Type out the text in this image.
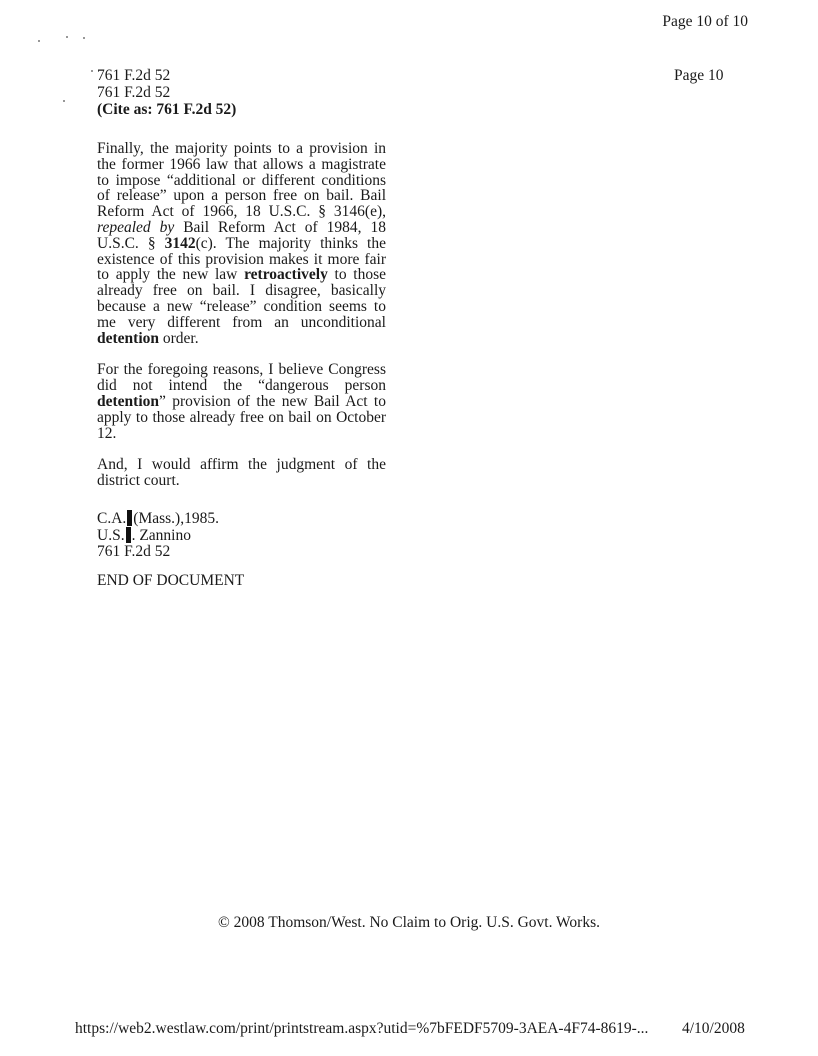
Page 10 of 10
Page 10
761 F.2d 52
761 F.2d 52
(Cite as: 761 F.2d 52)

Finally, the majority points to a provision in the former 1966 law that allows a magistrate to impose “additional or different conditions of release” upon a person free on bail. Bail Reform Act of 1966, 18 U.S.C. § 3146(e), repealed by Bail Reform Act of 1984, 18 U.S.C. § 3142(c). The majority thinks the existence of this provision makes it more fair to apply the new law retroactively to those already free on bail. I disagree, basically because a new “release” condition seems to me very different from an unconditional detention order.

For the foregoing reasons, I believe Congress did not intend the “dangerous person detention” provision of the new Bail Act to apply to those already free on bail on October 12.

And, I would affirm the judgment of the district court.

C.A. (Mass.),1985.
U.S. . Zannino
761 F.2d 52
END OF DOCUMENT
© 2008 Thomson/West. No Claim to Orig. U.S. Govt. Works.
https://web2.westlaw.com/print/printstream.aspx?utid=%7bFEDF5709-3AEA-4F74-8619-... 4/10/2008
